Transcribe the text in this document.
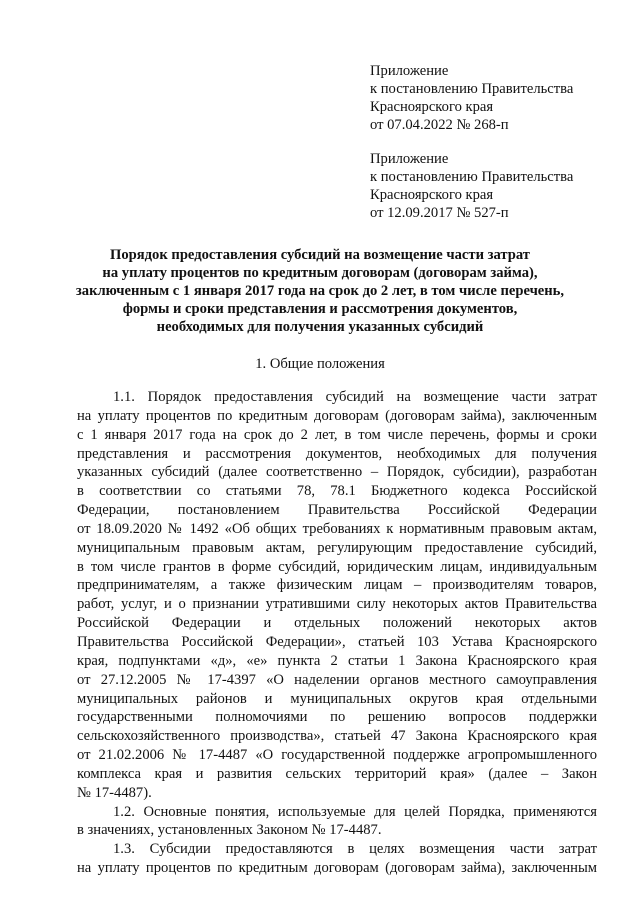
Приложение
к постановлению Правительства
Красноярского края
от 07.04.2022 № 268-п
Приложение
к постановлению Правительства
Красноярского края
от 12.09.2017 № 527-п
Порядок предоставления субсидий на возмещение части затрат
на уплату процентов по кредитным договорам (договорам займа),
заключенным с 1 января 2017 года на срок до 2 лет, в том числе перечень,
формы и сроки представления и рассмотрения документов,
необходимых для получения указанных субсидий
1. Общие положения
1.1. Порядок предоставления субсидий на возмещение части затрат
на уплату процентов по кредитным договорам (договорам займа), заключенным
с 1 января 2017 года на срок до 2 лет, в том числе перечень, формы и сроки
представления и рассмотрения документов, необходимых для получения
указанных субсидий (далее соответственно – Порядок, субсидии), разработан
в соответствии со статьями 78, 78.1 Бюджетного кодекса Российской
Федерации, постановлением Правительства Российской Федерации
от 18.09.2020 № 1492 «Об общих требованиях к нормативным правовым актам,
муниципальным правовым актам, регулирующим предоставление субсидий,
в том числе грантов в форме субсидий, юридическим лицам, индивидуальным
предпринимателям, а также физическим лицам – производителям товаров,
работ, услуг, и о признании утратившими силу некоторых актов Правительства
Российской Федерации и отдельных положений некоторых актов
Правительства Российской Федерации», статьей 103 Устава Красноярского
края, подпунктами «д», «е» пункта 2 статьи 1 Закона Красноярского края
от 27.12.2005 № 17-4397 «О наделении органов местного самоуправления
муниципальных районов и муниципальных округов края отдельными
государственными полномочиями по решению вопросов поддержки
сельскохозяйственного производства», статьей 47 Закона Красноярского края
от 21.02.2006 № 17-4487 «О государственной поддержке агропромышленного
комплекса края и развития сельских территорий края» (далее – Закон
№ 17-4487).
1.2. Основные понятия, используемые для целей Порядка, применяются
в значениях, установленных Законом № 17-4487.
1.3. Субсидии предоставляются в целях возмещения части затрат
на уплату процентов по кредитным договорам (договорам займа), заключенным
